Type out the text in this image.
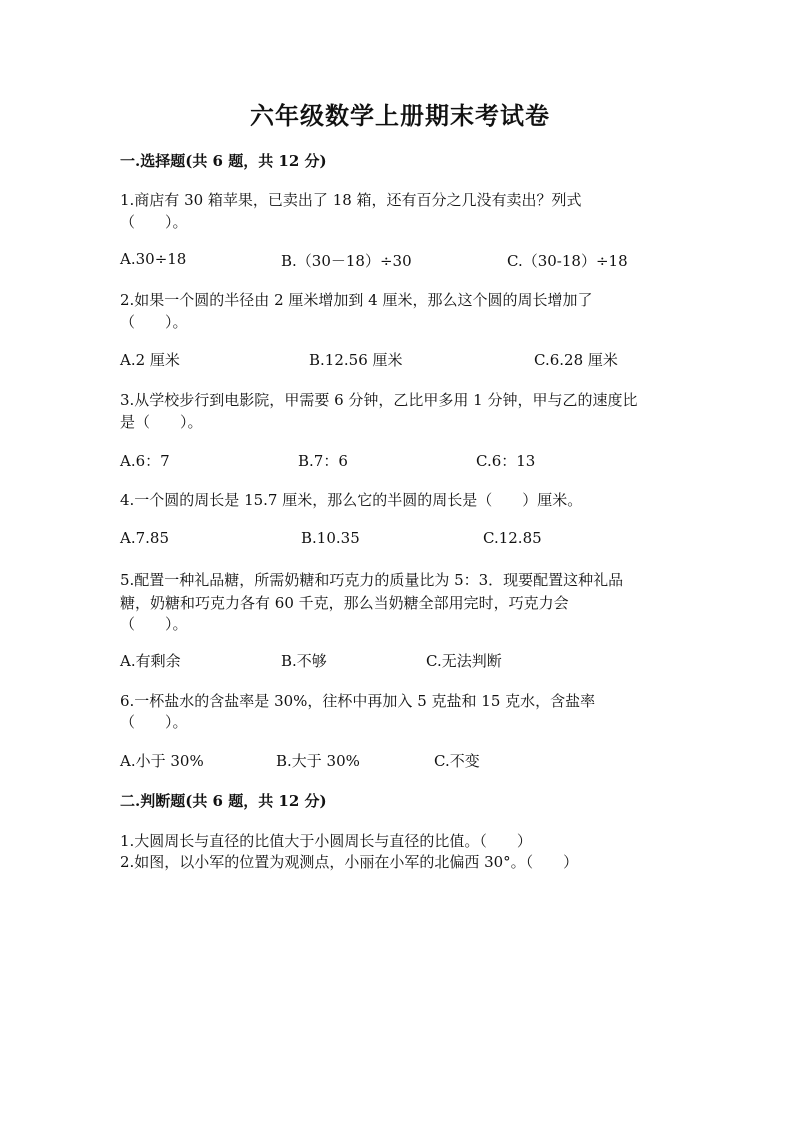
六年级数学上册期末考试卷
一.选择题(共 6 题，共 12 分)
1.商店有 30 箱苹果，已卖出了 18 箱，还有百分之几没有卖出？列式
（　　）。
A.30÷18	B.（30－18）÷30	C.（30-18）÷18
2.如果一个圆的半径由 2 厘米增加到 4 厘米，那么这个圆的周长增加了
（　　）。
A.2 厘米	B.12.56 厘米	C.6.28 厘米
3.从学校步行到电影院，甲需要 6 分钟，乙比甲多用 1 分钟，甲与乙的速度比
是（　　）。
A.6：7	B.7：6	C.6：13
4.一个圆的周长是 15.7 厘米，那么它的半圆的周长是（　　）厘米。
A.7.85	B.10.35	C.12.85
5.配置一种礼品糖，所需奶糖和巧克力的质量比为 5：3．现要配置这种礼品
糖，奶糖和巧克力各有 60 千克，那么当奶糖全部用完时，巧克力会
（　　）。
A.有剩余	B.不够	C.无法判断
6.一杯盐水的含盐率是 30%，往杯中再加入 5 克盐和 15 克水，含盐率
（　　）。
A.小于 30%	B.大于 30%	C.不变
二.判断题(共 6 题，共 12 分)
1.大圆周长与直径的比值大于小圆周长与直径的比值。（　　）
2.如图，以小军的位置为观测点，小丽在小军的北偏西 30°。（　　）
